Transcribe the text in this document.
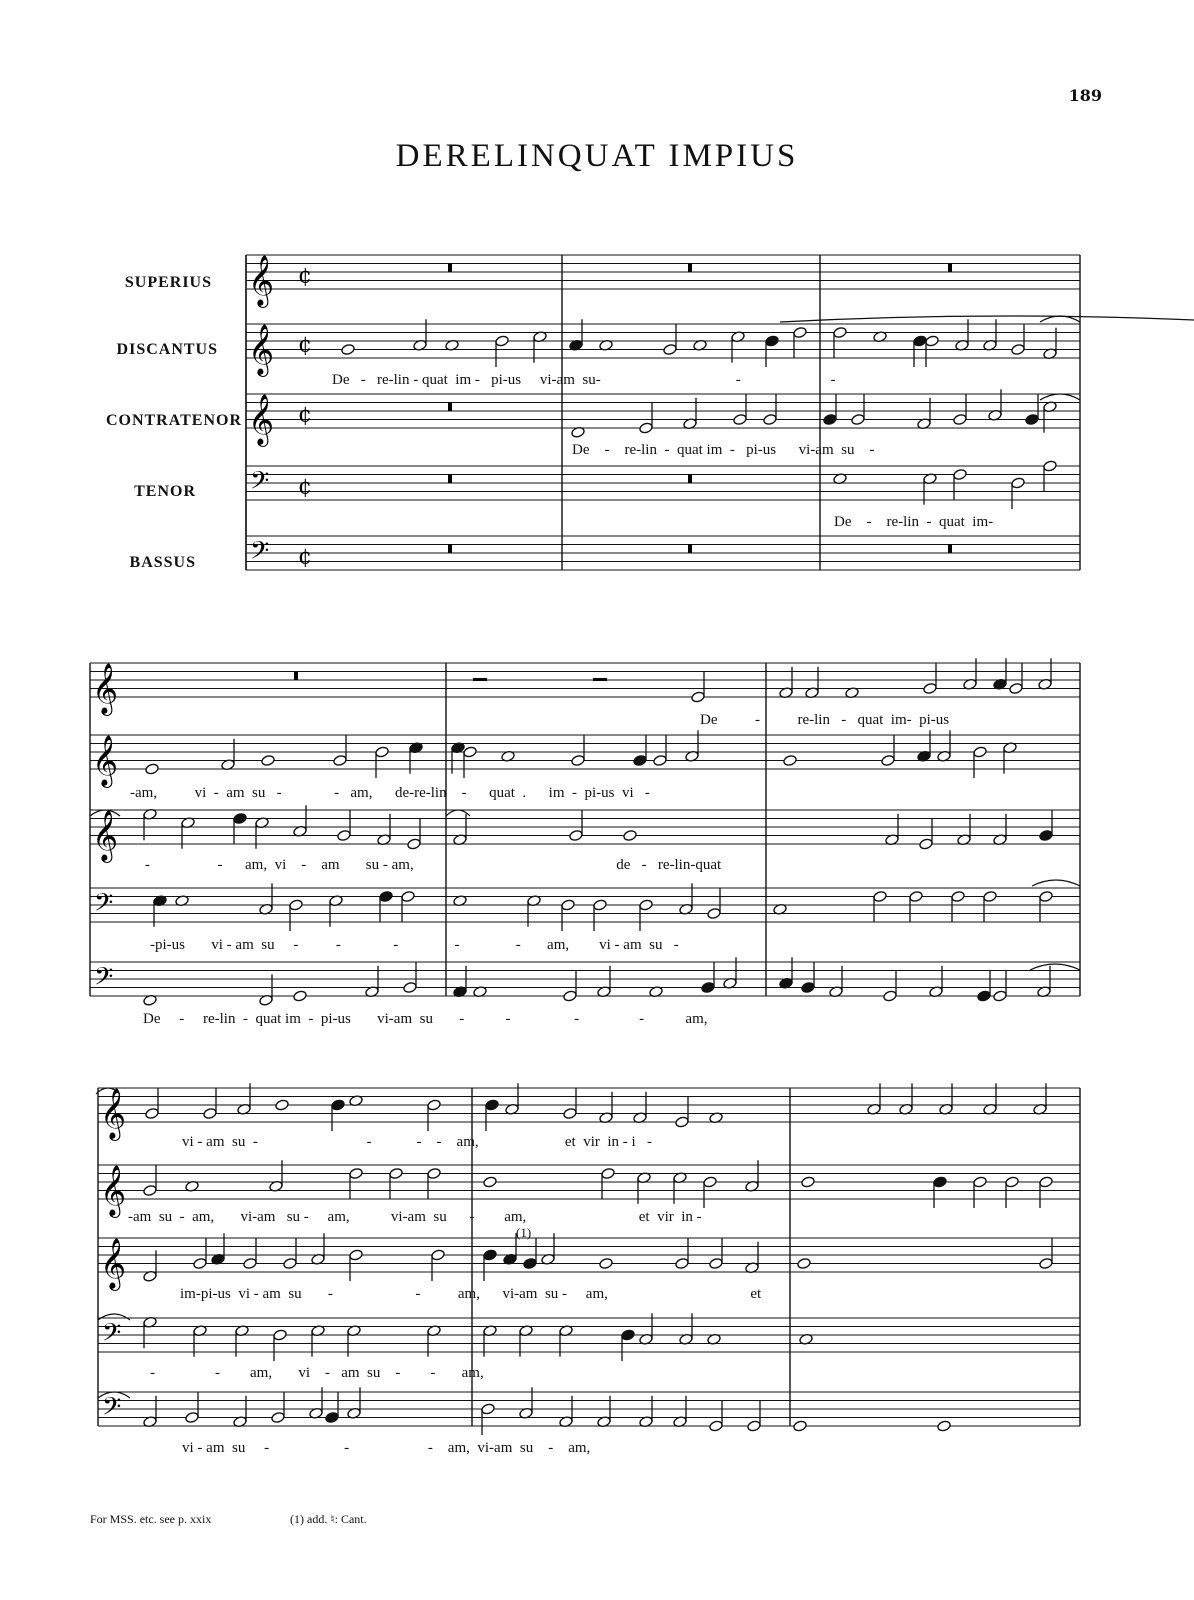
189
DERELINQUAT IMPIUS
SUPERIUS
DISCANTUS
CONTRATENOR
TENOR
BASSUS
𝄞 ¢
𝄞 ¢
𝄞 ¢
𝄢 ¢
𝄢 ¢
𝄞
𝄞
𝄞
𝄢
𝄢
𝄞
𝄞
𝄞
𝄢
𝄢
De   -   re-lin - quat  im -   pi-us     vi-am  su-                                    -                        -
De    -    re-lin  -  quat im  -   pi-us      vi-am  su    -
De    -    re-lin  -  quat  im-
De          -          re-lin   -   quat  im-  pi-us
-am,          vi  -  am  su   -              -   am,      de-re-lin    -      quat  .      im  -  pi-us  vi   -
-                  -      am,  vi    -    am       su - am,                                                      de   -   re-lin-quat
-pi-us       vi - am  su     -          -              -               -               -       am,        vi - am  su   -
De     -     re-lin  -  quat im  -  pi-us       vi-am  su       -           -                 -                -           am,
vi - am  su  -                             -            -    -    am,                       et  vir  in - i   -
-am  su  -  am,       vi-am   su -     am,           vi-am  su      -        am,                              et  vir  in -
im-pi-us  vi - am  su       -                      -          am,      vi-am  su -     am,                                      et
-                -        am,       vi    -   am  su    -        -       am,
vi - am  su     -                    -                     -    am,  vi-am  su    -    am,
(1)
For MSS. etc. see p. xxix	(1) add. ♮: Cant.
